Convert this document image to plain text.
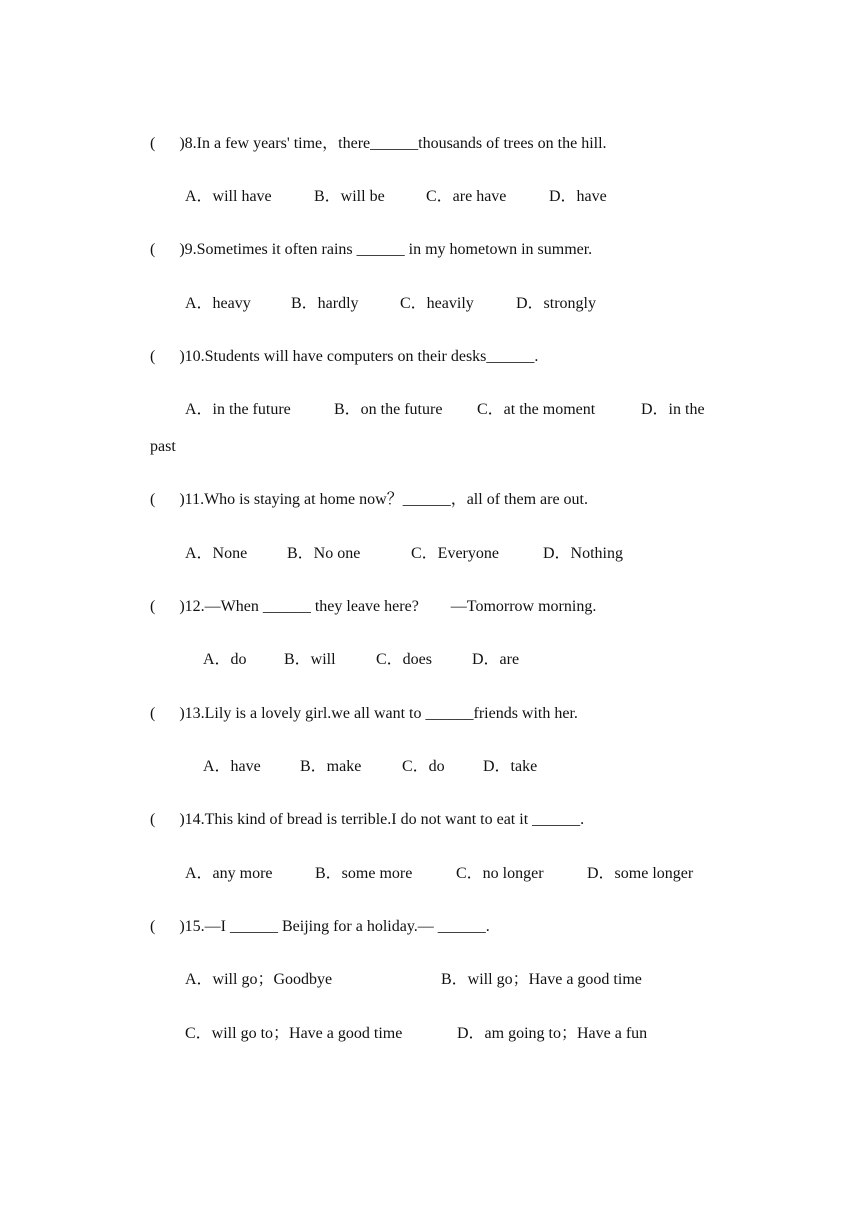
(      )8.In a few years' time，there______thousands of trees on the hill.
A．will have	B．will be	C．are have	D．have
(      )9.Sometimes it often rains ______ in my hometown in summer.
A．heavy	B．hardly	C．heavily	D．strongly
(      )10.Students will have computers on their desks______.
A．in the future	B．on the future C．at the moment	D．in the
past
(      )11.Who is staying at home now？______，all of them are out.
A．None B．No one	C．Everyone	D．Nothing
(      )12.—When ______ they leave here?        —Tomorrow morning.
A．do B．will	C．does D．are
(      )13.Lily is a lovely girl.we all want to ______friends with her.
A．have B．make	C．do D．take
(      )14.This kind of bread is terrible.I do not want to eat it ______.
A．any more	B．some more	C．no longer	D．some longer
(      )15.—I ______ Beijing for a holiday.— ______.
A．will go；Goodbye	B．will go；Have a good time
C．will go to；Have a good time	D．am going to；Have a fun
